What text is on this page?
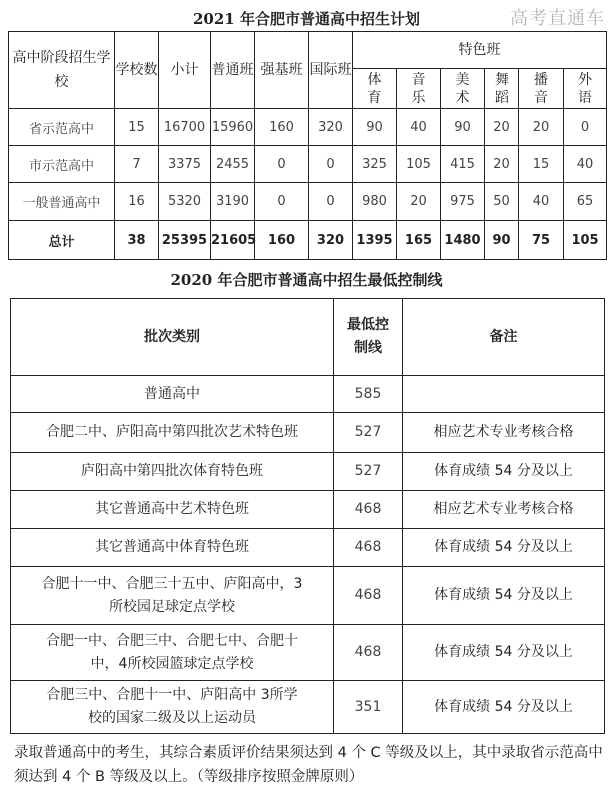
2021 年合肥市普通高中招生计划
高中阶段招生学校	学校数	小计	普通班	强基班	国际班	特色班					
						体育	音乐	美术	舞蹈	播音	外语
省示范高中	15	16700	15960	160	320	90	40	90	20	20	0
市示范高中	7	3375	2455	0	0	325	105	415	20	15	40
一般普通高中	16	5320	3190	0	0	980	20	975	50	40	65
总计	38	25395	21605	160	320	1395	165	1480	90	75	105
2020 年合肥市普通高中招生最低控制线
批次类别	最低控制线	备注
普通高中	585	
合肥二中、庐阳高中第四批次艺术特色班	527	相应艺术专业考核合格
庐阳高中第四批次体育特色班	527	体育成绩 54 分及以上
其它普通高中艺术特色班	468	相应艺术专业考核合格
其它普通高中体育特色班	468	体育成绩 54 分及以上
合肥十一中、合肥三十五中、庐阳高中，3所校园足球定点学校	468	体育成绩 54 分及以上
合肥一中、合肥三中、合肥七中、合肥十中，4所校园篮球定点学校	468	体育成绩 54 分及以上
合肥三中、合肥十一中、庐阳高中 3所学校的国家二级及以上运动员	351	体育成绩 54 分及以上
录取普通高中的考生，其综合素质评价结果须达到 4 个 C 等级及以上，其中录取省示范高中须达到 4 个 B 等级及以上。（等级排序按照金牌原则）
高考直通车
